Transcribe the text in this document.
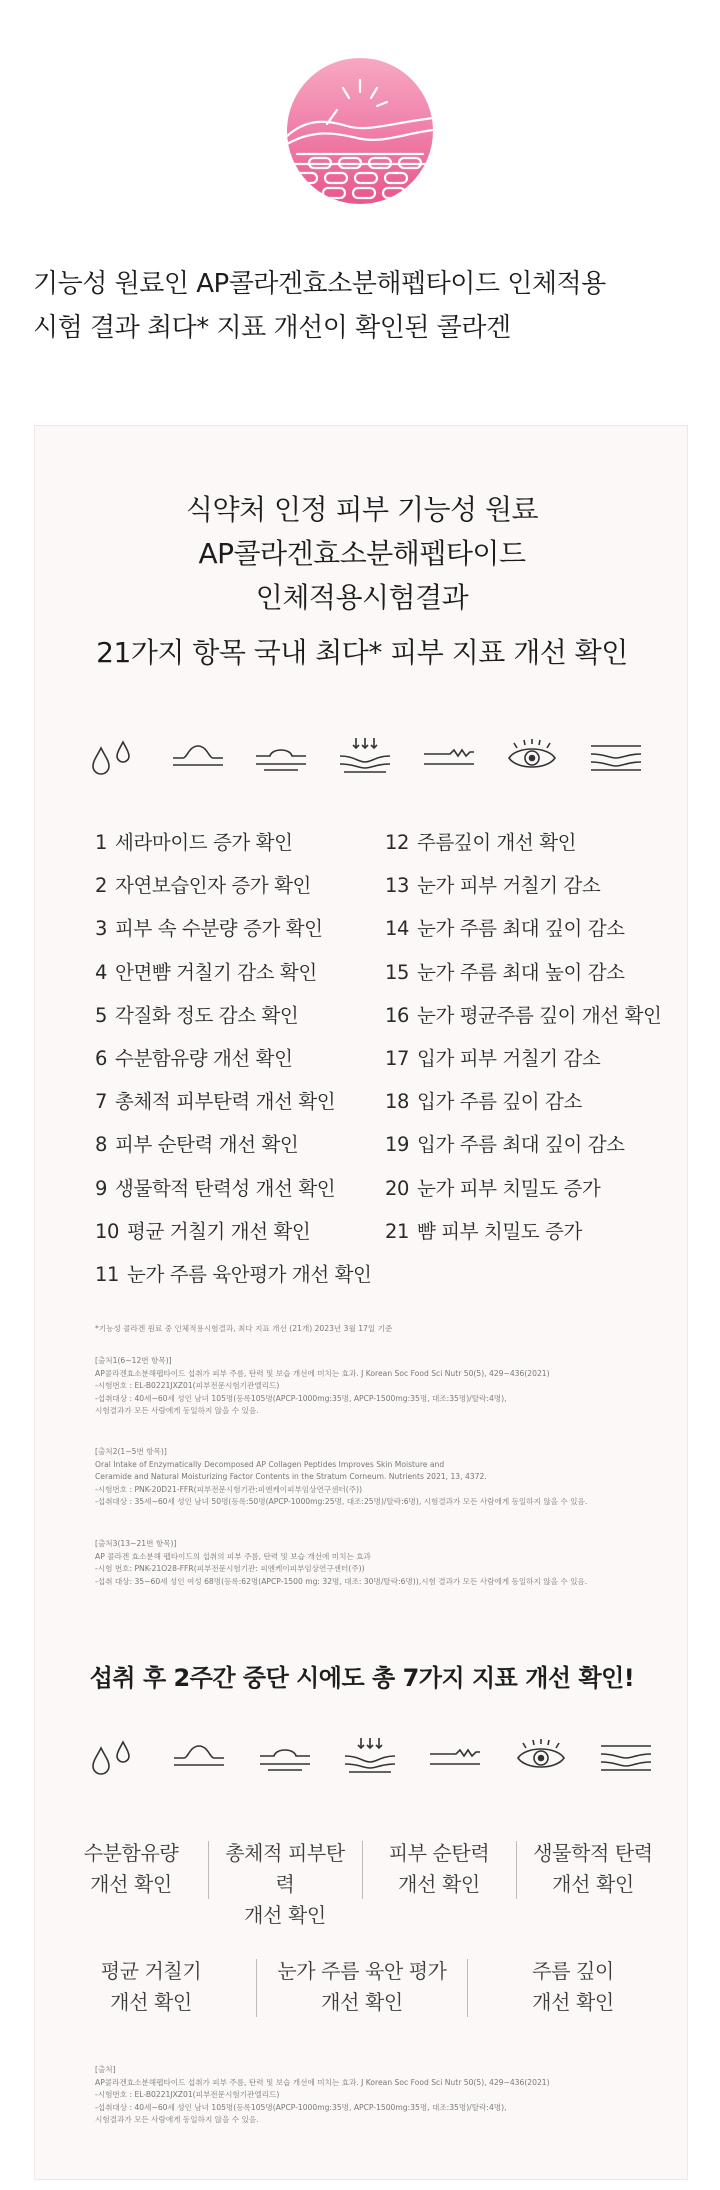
기능성 원료인 AP콜라겐효소분해펩타이드 인체적용
시험 결과 최다* 지표 개선이 확인된 콜라겐
식약처 인정 피부 기능성 원료
AP콜라겐효소분해펩타이드
인체적용시험결과
21가지 항목 국내 최다* 피부 지표 개선 확인
1 세라마이드 증가 확인
2 자연보습인자 증가 확인
3 피부 속 수분량 증가 확인
4 안면뺨 거칠기 감소 확인
5 각질화 정도 감소 확인
6 수분함유량 개선 확인
7 총체적 피부탄력 개선 확인
8 피부 순탄력 개선 확인
9 생물학적 탄력성 개선 확인
10 평균 거칠기 개선 확인
11 눈가 주름 육안평가 개선 확인
12 주름깊이 개선 확인
13 눈가 피부 거칠기 감소
14 눈가 주름 최대 깊이 감소
15 눈가 주름 최대 높이 감소
16 눈가 평균주름 깊이 개선 확인
17 입가 피부 거칠기 감소
18 입가 주름 깊이 감소
19 입가 주름 최대 깊이 감소
20 눈가 피부 치밀도 증가
21 뺨 피부 치밀도 증가
*기능성 콜라겐 원료 중 인체적용시험결과, 최다 지표 개선 (21개) 2023년 3월 17일 기준
[출처1(6~12번 항목)]
AP콜라겐효소분해펩타이드 섭취가 피부 주름, 탄력 및 보습 개선에 미치는 효과. J Korean Soc Food Sci Nutr 50(5), 429~436(2021)
-시험번호 : EL-B0221JXZ01(피부전문시험기관엘리드)
-섭취대상 : 40세~60세 성인 남녀 105명(등록105명(APCP-1000mg:35명, APCP-1500mg:35명, 대조:35명)/탈락:4명),
시험결과가 모든 사람에게 동일하지 않을 수 있음.
[출처2(1~5번 항목)]
Oral Intake of Enzymatically Decomposed AP Collagen Peptides Improves Skin Moisture and
Ceramide and Natural Moisturizing Factor Contents in the Stratum Corneum. Nutrients 2021, 13, 4372.
-시험번호 : PNK-20D21-FFR(피부전문시험기관:피엔케이피부임상연구센터(주))
-섭취대상 : 35세~60세 성인 남녀 50명(등록:50명(APCP-1000mg:25명, 대조:25명)/탈락:6명), 시험결과가 모든 사람에게 동일하지 않을 수 있음.
[출처3(13~21번 항목)]
AP 콜라겐 효소분해 펩타이드의 섭취의 피부 주름, 탄력 및 보습 개선에 미치는 효과
-시험 번호: PNK-21O28-FFR(피부전문시험기관: 피엔케이피부임상연구센터(주))
-섭취 대상: 35~60세 성인 여성 68명(등록:62명(APCP-1500 mg: 32명, 대조: 30명/탈락:6명)),시험 결과가 모든 사람에게 동일하지 않을 수 있음.
섭취 후 2주간 중단 시에도 총 7가지 지표 개선 확인!
수분함유량
개선 확인
총체적 피부탄력
개선 확인
피부 순탄력
개선 확인
생물학적 탄력
개선 확인
평균 거칠기
개선 확인
눈가 주름 육안 평가
개선 확인
주름 깊이
개선 확인
[출처]
AP콜라겐효소분해펩타이드 섭취가 피부 주름, 탄력 및 보습 개선에 미치는 효과. J Korean Soc Food Sci Nutr 50(5), 429~436(2021)
-시험번호 : EL-B0221JXZ01(피부전문시험기관엘리드)
-섭취대상 : 40세~60세 성인 남녀 105명(등록105명(APCP-1000mg:35명, APCP-1500mg:35명, 대조:35명)/탈락:4명),
시험결과가 모든 사람에게 동일하지 않을 수 있음.
